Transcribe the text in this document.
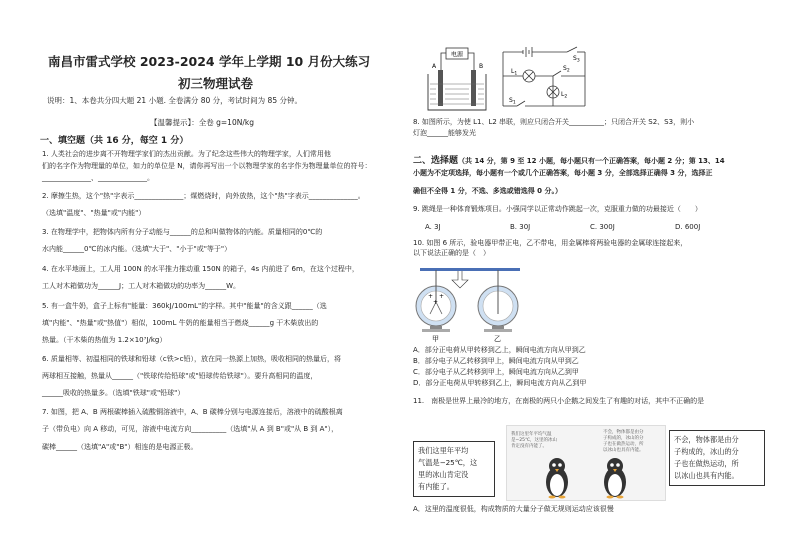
南昌市雷式学校 2023-2024 学年上学期 10 月份大练习
初三物理试卷
说明：1、本卷共分四大题 21 小题. 全卷满分 80 分，考试时间为 85 分钟。
【温馨提示】：全卷 g=10N/kg
一、填空题（共 16 分，每空 1 分）
1. 人类社会的进步离不开物理学家们的杰出贡献。为了纪念这些伟大的物理学家，人们常用他
们的名字作为物理量的单位，如力的单位是 N，请你再写出一个以物理学家的名字作为物理量单位的符号：
______________、______________。
2. 摩擦生热，这个"热"字表示______________；煤燃烧时，向外放热，这个"热"字表示______________。
（选填"温度"、"热量"或"内能"）
3. 在物理学中，把物体内所有分子动能与______的总和叫做物体的内能。质量相同的0℃的
水内能______0℃的冰内能。（选填"大于"、"小于"或"等于"）
4. 在水平地面上，工人用 100N 的水平推力推动重 150N 的箱子，4s 内前进了 6m，在这个过程中，
工人对木箱做功为______J；工人对木箱做功的功率为______W。
5. 有一盒牛奶，盒子上标有"能量：360kJ/100mL"的字样。其中"能量"的含义跟______（选
填"内能"、"热量"或"热值"）相似，100mL 牛奶的能量相当于燃烧______g 干木柴放出的
热量。（干木柴的热值为 1.2×10⁷J/kg）
6. 质量相等、初温相同的铁球和铅球（c铁>c铅），放在同一热源上加热，吸收相同的热量后，将
两球相互接触，热量从______（"铁球传给铅球"或"铅球传给铁球"）。要升高相同的温度，
______吸收的热量多。（选填"铁球"或"铅球"）
7. 如图，把 A、B 两根碳棒插入硫酸铜溶液中，A、B 碳棒分别与电源连接后，溶液中的硫酸根离
子（带负电）向 A 移动，可见，溶液中电流方向__________（选填"从 A 到 B"或"从 B 到 A"），
碳棒______（选填"A"或"B"）相连的是电源正极。
电源
A	B
$L_1$
$L_2$
$S_1$
$S_2$
$S_3$
8. 如图所示，为使 L1、L2 串联，则应只闭合开关__________；只闭合开关 S2、S3，则小
灯泡______能够发光
二、选择题（共 14 分，第 9 至 12 小题，每小题只有一个正确答案，每小题 2 分；第 13、14
小题为不定项选择，每小题有一个或几个正确答案，每小题 3 分，全部选择正确得 3 分，选择正
确但不全得 1 分，不选、多选或错选得 0 分。）
9. 跳绳是一种体育锻炼项目。小强同学以正常动作跳起一次，克服重力做的功最接近（　　）
A. 3J	B. 30J	C. 300J	D. 600J
10. 如图 6 所示，验电器甲带正电，乙不带电，用金属棒将两验电器的金属球连接起来，
以下说法正确的是（　）
+ +
+
甲	乙
A．部分正电荷从甲转移到乙上，瞬间电流方向从甲到乙
B．部分电子从乙转移到甲上，瞬间电流方向从甲到乙
C．部分电子从乙转移到甲上，瞬间电流方向从乙到甲
D．部分正电荷从甲转移到乙上，瞬间电流方向从乙到甲
11.　南极是世界上最冷的地方，在南极的两只小企鹅之间发生了有趣的对话，其中不正确的是
我们这里年平均
气温是−25℃，这
里的冰山肯定没
有内能了。
我们这里年平均气温
是−25℃，这里的冰山
肯定没有内能了。
不会，物体都是由分
子构成的，冰山的分
子也在做热运动，所
以冰山也具有内能。
不会，物体都是由分
子构成的，冰山的分
子也在做热运动，所
以冰山也具有内能。
A．这里的温度很低，构成物质的大量分子做无规则运动应该很慢
